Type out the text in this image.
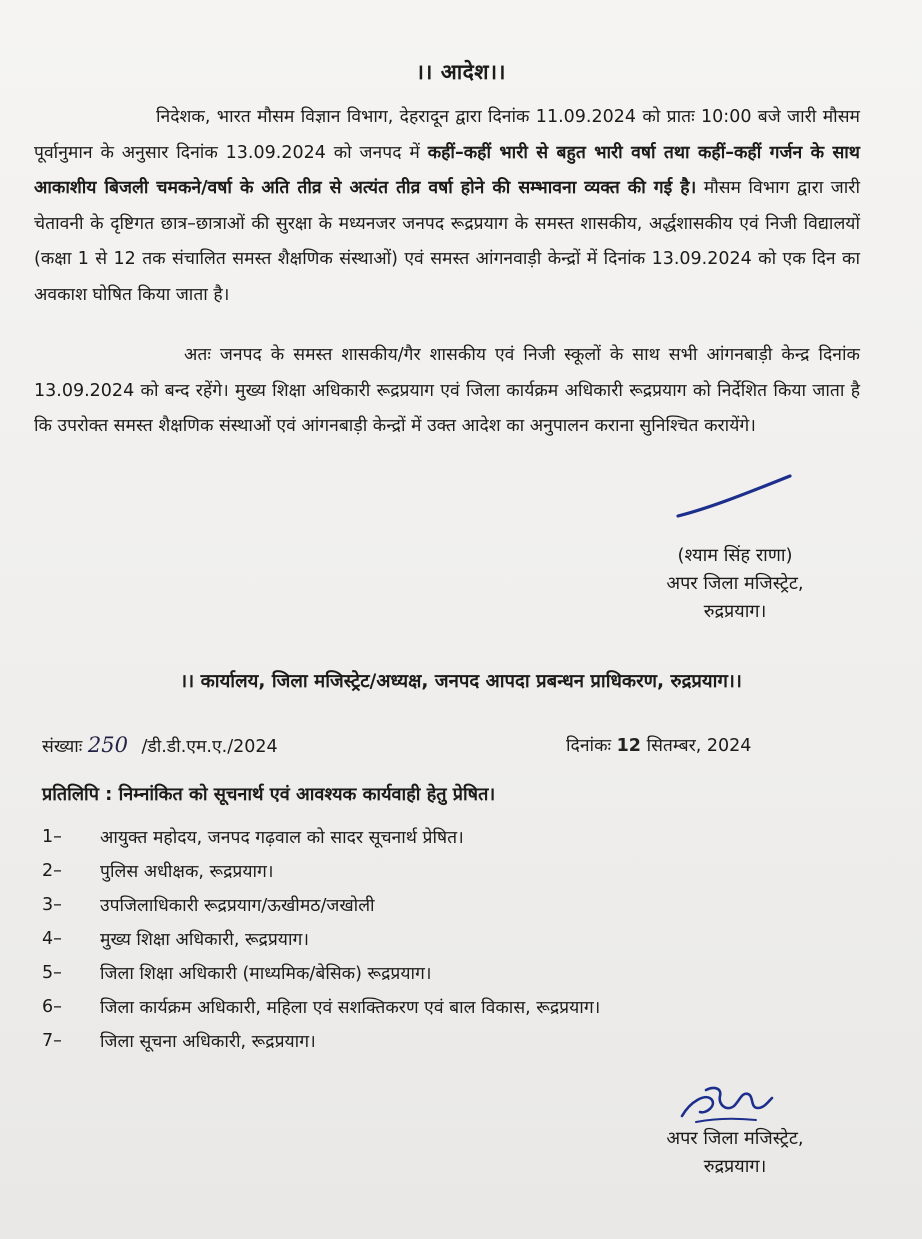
।। आदेश।।
निदेशक, भारत मौसम विज्ञान विभाग, देहरादून द्वारा दिनांक 11.09.2024 को प्रातः 10:00 बजे जारी मौसम पूर्वानुमान के अनुसार दिनांक 13.09.2024 को जनपद में कहीं–कहीं भारी से बहुत भारी वर्षा तथा कहीं–कहीं गर्जन के साथ आकाशीय बिजली चमकने/वर्षा के अति तीव्र से अत्यंत तीव्र वर्षा होने की सम्भावना व्यक्त की गई है। मौसम विभाग द्वारा जारी चेतावनी के दृष्टिगत छात्र–छात्राओं की सुरक्षा के मध्यनजर जनपद रूद्रप्रयाग के समस्त शासकीय, अर्द्धशासकीय एवं निजी विद्यालयों (कक्षा 1 से 12 तक संचालित समस्त शैक्षणिक संस्थाओं) एवं समस्त आंगनवाड़ी केन्द्रों में दिनांक 13.09.2024 को एक दिन का अवकाश घोषित किया जाता है।
अतः जनपद के समस्त शासकीय/गैर शासकीय एवं निजी स्कूलों के साथ सभी आंगनबाड़ी केन्द्र दिनांक 13.09.2024 को बन्द रहेंगे। मुख्य शिक्षा अधिकारी रूद्रप्रयाग एवं जिला कार्यक्रम अधिकारी रूद्रप्रयाग को निर्देशित किया जाता है कि उपरोक्त समस्त शैक्षणिक संस्थाओं एवं आंगनबाड़ी केन्द्रों में उक्त आदेश का अनुपालन कराना सुनिश्चित करायेंगे।
(श्याम सिंह राणा)
अपर जिला मजिस्ट्रेट,
रुद्रप्रयाग।
।। कार्यालय, जिला मजिस्ट्रेट/अध्यक्ष, जनपद आपदा प्रबन्धन प्राधिकरण, रुद्रप्रयाग।।
संख्याः 250 /डी.डी.एम.ए./2024	दिनांकः 12 सितम्बर, 2024
प्रतिलिपि : निम्नांकित को सूचनार्थ एवं आवश्यक कार्यवाही हेतु प्रेषित।
1–	आयुक्त महोदय, जनपद गढ़वाल को सादर सूचनार्थ प्रेषित।
2–	पुलिस अधीक्षक, रूद्रप्रयाग।
3–	उपजिलाधिकारी रूद्रप्रयाग/ऊखीमठ/जखोली
4–	मुख्य शिक्षा अधिकारी, रूद्रप्रयाग।
5–	जिला शिक्षा अधिकारी (माध्यमिक/बेसिक) रूद्रप्रयाग।
6–	जिला कार्यक्रम अधिकारी, महिला एवं सशक्तिकरण एवं बाल विकास, रूद्रप्रयाग।
7–	जिला सूचना अधिकारी, रूद्रप्रयाग।
अपर जिला मजिस्ट्रेट,
रुद्रप्रयाग।
